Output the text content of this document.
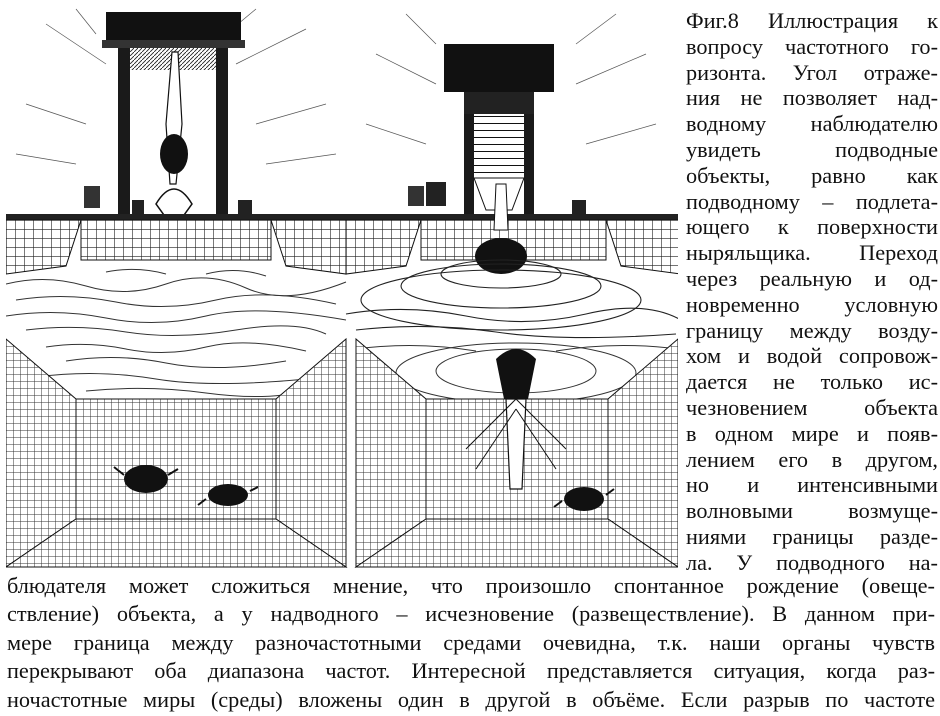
Фиг.8 Иллюстрация к
вопросу частотного го-
ризонта. Угол отраже-
ния не позволяет над-
водному наблюдателю
увидеть подводные
объекты, равно как
подводному – подлета-
ющего к поверхности
ныряльщика. Переход
через реальную и од-
новременно условную
границу между возду-
хом и водой сопровож-
дается не только ис-
чезновением объекта
в одном мире и появ-
лением его в другом,
но и интенсивными
волновыми возмуще-
ниями границы разде-
ла. У подводного на-
блюдателя может сложиться мнение, что произошло спонтанное рождение (овеще-
ствление) объекта, а у надводного – исчезновение (развеществление). В данном при-
мере граница между разночастотными средами очевидна, т.к. наши органы чувств
перекрывают оба диапазона частот. Интересной представляется ситуация, когда раз-
ночастотные миры (среды) вложены один в другой в объёме. Если разрыв по частоте
